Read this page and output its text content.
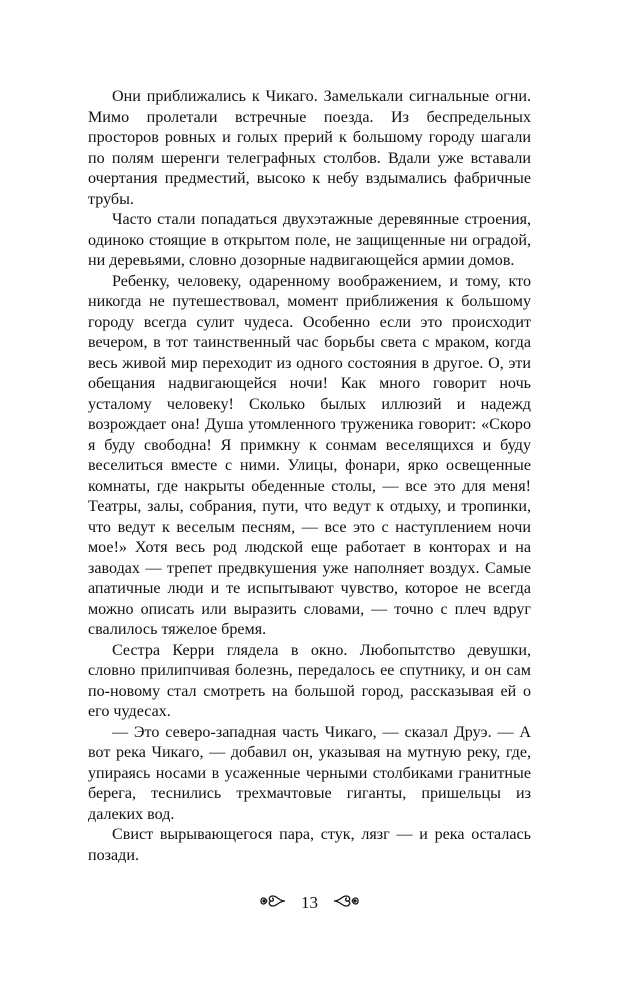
Они приближались к Чикаго. Замелькали сигнальные огни. Мимо пролетали встречные поезда. Из беспредельных просторов ровных и голых прерий к большому городу шагали по полям шеренги телеграфных столбов. Вдали уже вставали очертания предместий, высоко к небу вздымались фабричные трубы.

Часто стали попадаться двухэтажные деревянные строения, одиноко стоящие в открытом поле, не защищенные ни оградой, ни деревьями, словно дозорные надвигающейся армии домов.

Ребенку, человеку, одаренному воображением, и тому, кто никогда не путешествовал, момент приближения к большому городу всегда сулит чудеса. Особенно если это происходит вечером, в тот таинственный час борьбы света с мраком, когда весь живой мир переходит из одного состояния в другое. О, эти обещания надвигающейся ночи! Как много говорит ночь усталому человеку! Сколько былых иллюзий и надежд возрождает она! Душа утомленного труженика говорит: «Скоро я буду свободна! Я примкну к сонмам веселящихся и буду веселиться вместе с ними. Улицы, фонари, ярко освещенные комнаты, где накрыты обеденные столы, — все это для меня! Театры, залы, собрания, пути, что ведут к отдыху, и тропинки, что ведут к веселым песням, — все это с наступлением ночи мое!» Хотя весь род людской еще работает в конторах и на заводах — трепет предвкушения уже наполняет воздух. Самые апатичные люди и те испытывают чувство, которое не всегда можно описать или выразить словами, — точно с плеч вдруг свалилось тяжелое бремя.

Сестра Керри глядела в окно. Любопытство девушки, словно прилипчивая болезнь, передалось ее спутнику, и он сам по-новому стал смотреть на большой город, рассказывая ей о его чудесах.

— Это северо-западная часть Чикаго, — сказал Друэ. — А вот река Чикаго, — добавил он, указывая на мутную реку, где, упираясь носами в усаженные черными столбиками гранитные берега, теснились трехмачтовые гиганты, пришельцы из далеких вод.

Свист вырывающегося пара, стук, лязг — и река осталась позади.

13
